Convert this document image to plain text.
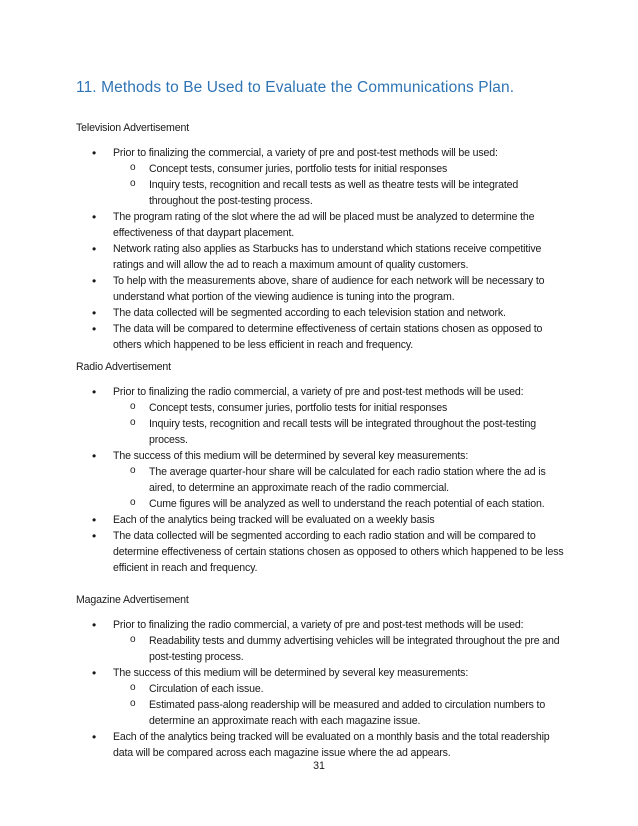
11. Methods to Be Used to Evaluate the Communications Plan.
Television Advertisement
• Prior to finalizing the commercial, a variety of pre and post-test methods will be used:
o Concept tests, consumer juries, portfolio tests for initial responses
o Inquiry tests, recognition and recall tests as well as theatre tests will be integrated throughout the post-testing process.
• The program rating of the slot where the ad will be placed must be analyzed to determine the effectiveness of that daypart placement.
• Network rating also applies as Starbucks has to understand which stations receive competitive ratings and will allow the ad to reach a maximum amount of quality customers.
• To help with the measurements above, share of audience for each network will be necessary to understand what portion of the viewing audience is tuning into the program.
• The data collected will be segmented according to each television station and network.
• The data will be compared to determine effectiveness of certain stations chosen as opposed to others which happened to be less efficient in reach and frequency.
Radio Advertisement
• Prior to finalizing the radio commercial, a variety of pre and post-test methods will be used:
o Concept tests, consumer juries, portfolio tests for initial responses
o Inquiry tests, recognition and recall tests will be integrated throughout the post-testing process.
• The success of this medium will be determined by several key measurements:
o The average quarter-hour share will be calculated for each radio station where the ad is aired, to determine an approximate reach of the radio commercial.
o Cume figures will be analyzed as well to understand the reach potential of each station.
• Each of the analytics being tracked will be evaluated on a weekly basis
• The data collected will be segmented according to each radio station and will be compared to determine effectiveness of certain stations chosen as opposed to others which happened to be less efficient in reach and frequency.
Magazine Advertisement
• Prior to finalizing the radio commercial, a variety of pre and post-test methods will be used:
o Readability tests and dummy advertising vehicles will be integrated throughout the pre and post-testing process.
• The success of this medium will be determined by several key measurements:
o Circulation of each issue.
o Estimated pass-along readership will be measured and added to circulation numbers to determine an approximate reach with each magazine issue.
• Each of the analytics being tracked will be evaluated on a monthly basis and the total readership data will be compared across each magazine issue where the ad appears.
31
